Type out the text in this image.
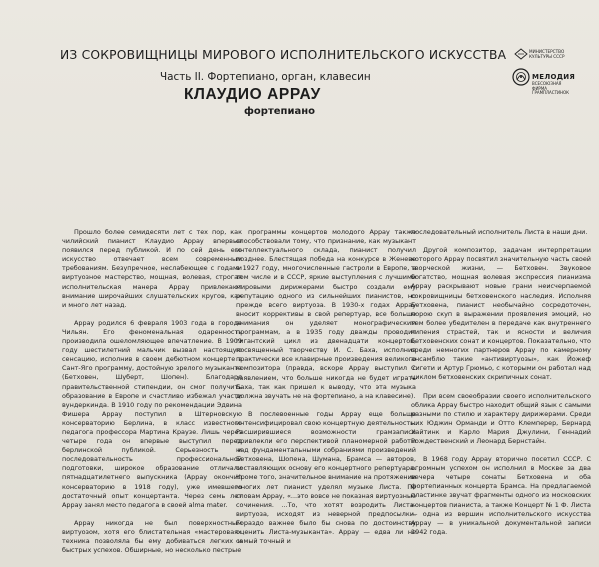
ИЗ СОКРОВИЩНИЦЫ МИРОВОГО ИСПОЛНИТЕЛЬСКОГО ИСКУССТВА
Часть II. Фортепиано, орган, клавесин
КЛАУДИО АРРАУ
фортепиано
МИНИСТЕРСТВО КУЛЬТУРЫ СССР
МЕЛОДИЯ
ВСЕСОЮЗНАЯ ФИРМА ГРАМПЛАСТИНОК

Прошло более семидесяти лет с тех пор, как чилийский пианист Клаудио Аррау впервые появился перед публикой. И по сей день его искусство отвечает всем современным требованиям. Безупречное, неслабеющее с годами виртуозное мастерство, мощная, волевая, строгая исполнительская манера Аррау привлекают внимание широчайших слушательских кругов, как и много лет назад.

Аррау родился 6 февраля 1903 года в городе Чильян. Его феноменальная одаренность производила ошеломляющее впечатление. В 1909 году шестилетний мальчик вызвал настоящую сенсацию, исполнив в своем дебютном концерте в Сант-Яго программу, достойную зрелого музыканта (Бетховен, Шуберт, Шопен). Благодаря правительственной стипендии, он смог получить образование в Европе и счастливо избежал участи вундеркинда. В 1910 году по рекомендации Эдвина Фишера Аррау поступил в Штерновскую консерваторию Берлина, в класс известного педагога профессора Мартина Краузе. Лишь через четыре года он впервые выступил перед берлинской публикой. Серьезность и последовательность профессиональной подготовки, широкое образование отличали пятнадцатилетнего выпускника (Аррау окончил консерваторию в 1918 году), уже имевшего достаточный опыт концертанта. Через семь лет Аррау занял место педагога в своей alma mater.

Аррау никогда не был поверхностным виртуозом, хотя его блистательная «мастеровая» техника позволяла бы ему добиваться легких и быстрых успехов. Обширные, но несколько пестрые

программы концертов молодого Аррау также способствовали тому, что признание, как музыкант интеллектуального склада, пианист получил позднее. Блестящая победа на конкурсе в Женеве в 1927 году, многочисленные гастроли в Европе, в том числе и в СССР, яркие выступления с лучшими мировыми дирижерами быстро создали ему репутацию одного из сильнейших пианистов, но прежде всего виртуоза. В 1930-х годах Аррау вносит коррективы в свой репертуар, все больше внимания он уделяет монографическим программам, а в 1935 году дважды проводит гигантский цикл из двенадцати концертов, посвященный творчеству И. С. Баха, исполнив практически все клавирные произведения великого композитора (правда, вскоре Аррау выступил с заявлением, что больше никогда не будет играть Баха, так как пришел к выводу, что эта музыка должна звучать не на фортепиано, а на клавесине).

В послевоенные годы Аррау еще больше интенсифицировал свою концертную деятельность. Расширившиеся возможности грамзаписи привлекли его перспективой планомерной работы над фундаментальными собраниями произведений Бетховена, Шопена, Шумана, Брамса — авторов, составляющих основу его концертного репертуара. Кроме того, значительное внимание на протяжении многих лет пианист уделял музыке Листа. По словам Аррау, «...это вовсе не показная виртуозные сочинения. ...То, что хотят возродить Листа-виртуоза, исходят из неверной предпосылки. Гораздо важнее было бы снова по достоинству оценить Листа-музыканта». Аррау — едва ли не самый точный и

последовательный исполнитель Листа в наши дни.

Другой композитор, задачам интерпретации которого Аррау посвятил значительную часть своей творческой жизни, — Бетховен. Звуковое богатство, мощная волевая экспрессия пианизма Аррау раскрывают новые грани неисчерпаемой сокровищницы бетховенского наследия. Исполняя Бетховена, пианист необычайно сосредоточен, порою скуп в выражении проявления эмоций, но тем более убедителен в передаче как внутреннего кипения страстей, так и ясности и величия бетховенских сонат и концертов. Показательно, что среди немногих партнеров Аррау по камерному ансамблю такие «антивиртуозы», как Йожеф Сигети и Артур Грюмьо, с которыми он работал над циклом бетховенских скрипичных сонат.

При всем своеобразии своего исполнительского облика Аррау быстро находит общий язык с самыми разными по стилю и характеру дирижерами. Среди них Юджин Орманди и Отто Клемперер, Бернард Хайтинк и Карло Мария Джулини, Геннадий Рождественский и Леонард Бернстайн.

В 1968 году Аррау вторично посетил СССР. С огромным успехом он исполнил в Москве за два вечера четыре сонаты Бетховена и оба фортепианных концерта Брамса. На предлагаемой пластинке звучат фрагменты одного из московских концертов пианиста, а также Концерт № 1 Ф. Листа — одна из вершин исполнительского искусства Аррау — в уникальной документальной записи 1942 года.
